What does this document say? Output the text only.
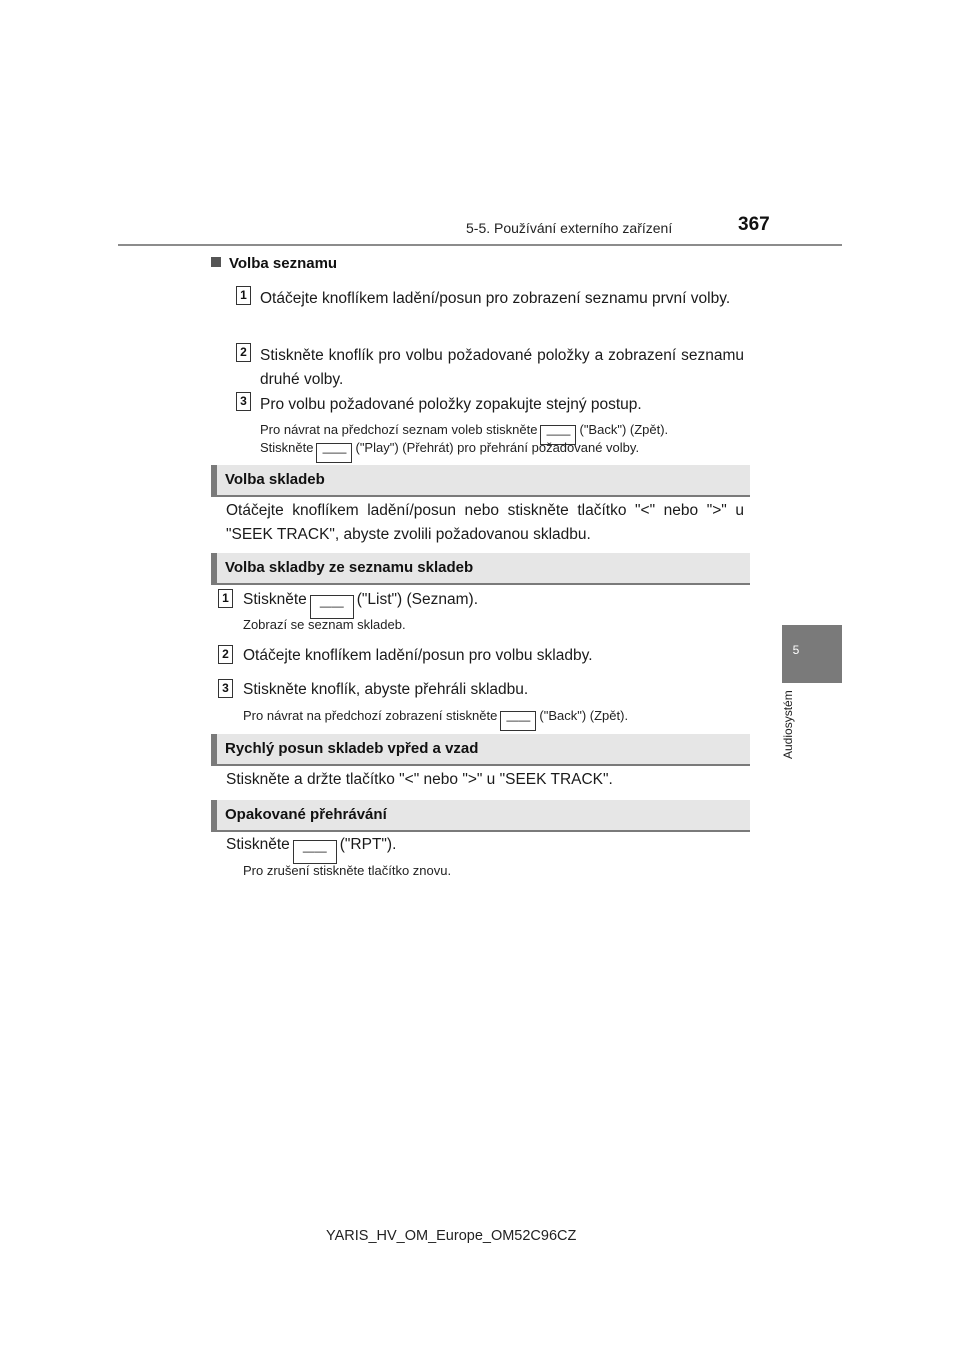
5-5. Používání externího zařízení	367
5
Audiosystém
Volba seznamu
1 Otáčejte knoflíkem ladění/posun pro zobrazení seznamu první volby.
2 Stiskněte knoflík pro volbu požadované položky a zobrazení seznamu druhé volby.
3 Pro volbu požadované položky zopakujte stejný postup.
Pro návrat na předchozí seznam voleb stiskněte —— ("Back") (Zpět).
Stiskněte —— ("Play") (Přehrát) pro přehrání požadované volby.
Volba skladeb
Otáčejte knoflíkem ladění/posun nebo stiskněte tlačítko "<" nebo ">" u "SEEK TRACK", abyste zvolili požadovanou skladbu.
Volba skladby ze seznamu skladeb
1 Stiskněte —— ("List") (Seznam).
Zobrazí se seznam skladeb.
2 Otáčejte knoflíkem ladění/posun pro volbu skladby.
3 Stiskněte knoflík, abyste přehráli skladbu.
Pro návrat na předchozí zobrazení stiskněte —— ("Back") (Zpět).
Rychlý posun skladeb vpřed a vzad
Stiskněte a držte tlačítko "<" nebo ">" u "SEEK TRACK".
Opakované přehrávání
Stiskněte —— ("RPT").
Pro zrušení stiskněte tlačítko znovu.
YARIS_HV_OM_Europe_OM52C96CZ
